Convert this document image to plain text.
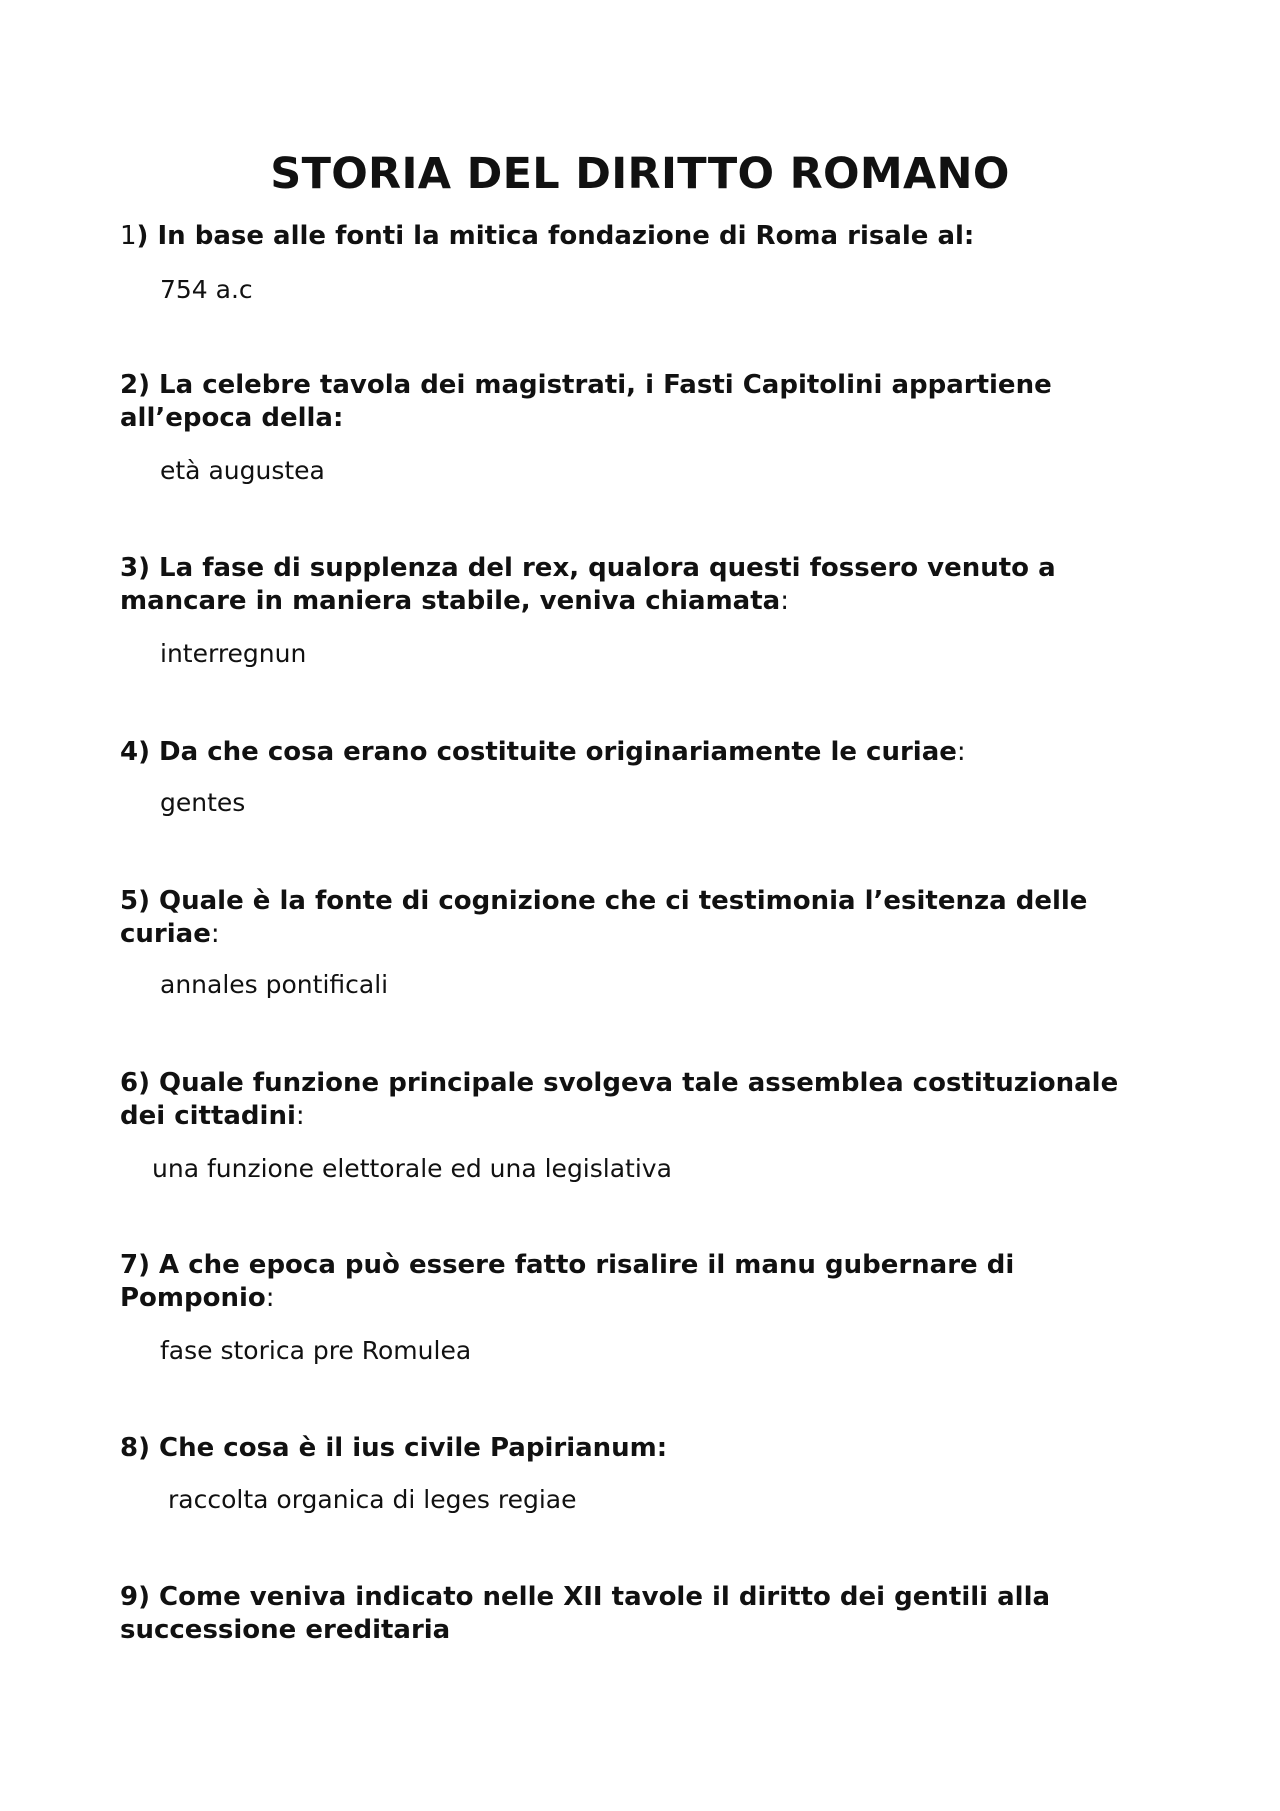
STORIA DEL DIRITTO ROMANO

1) In base alle fonti la mitica fondazione di Roma risale al:

754 a.c

2) La celebre tavola dei magistrati, i Fasti Capitolini appartiene all’epoca della:

età augustea

3) La fase di supplenza del rex, qualora questi fossero venuto a mancare in maniera stabile, veniva chiamata:

interregnun

4) Da che cosa erano costituite originariamente le curiae:

gentes

5) Quale è la fonte di cognizione che ci testimonia l’esitenza delle curiae:

annales pontificali

6) Quale funzione principale svolgeva tale assemblea costituzionale dei cittadini:

una funzione elettorale ed una legislativa

7) A che epoca può essere fatto risalire il manu gubernare di Pomponio:

fase storica pre Romulea

8) Che cosa è il ius civile Papirianum:

raccolta organica di leges regiae

9) Come veniva indicato nelle XII tavole il diritto dei gentili alla successione ereditaria
